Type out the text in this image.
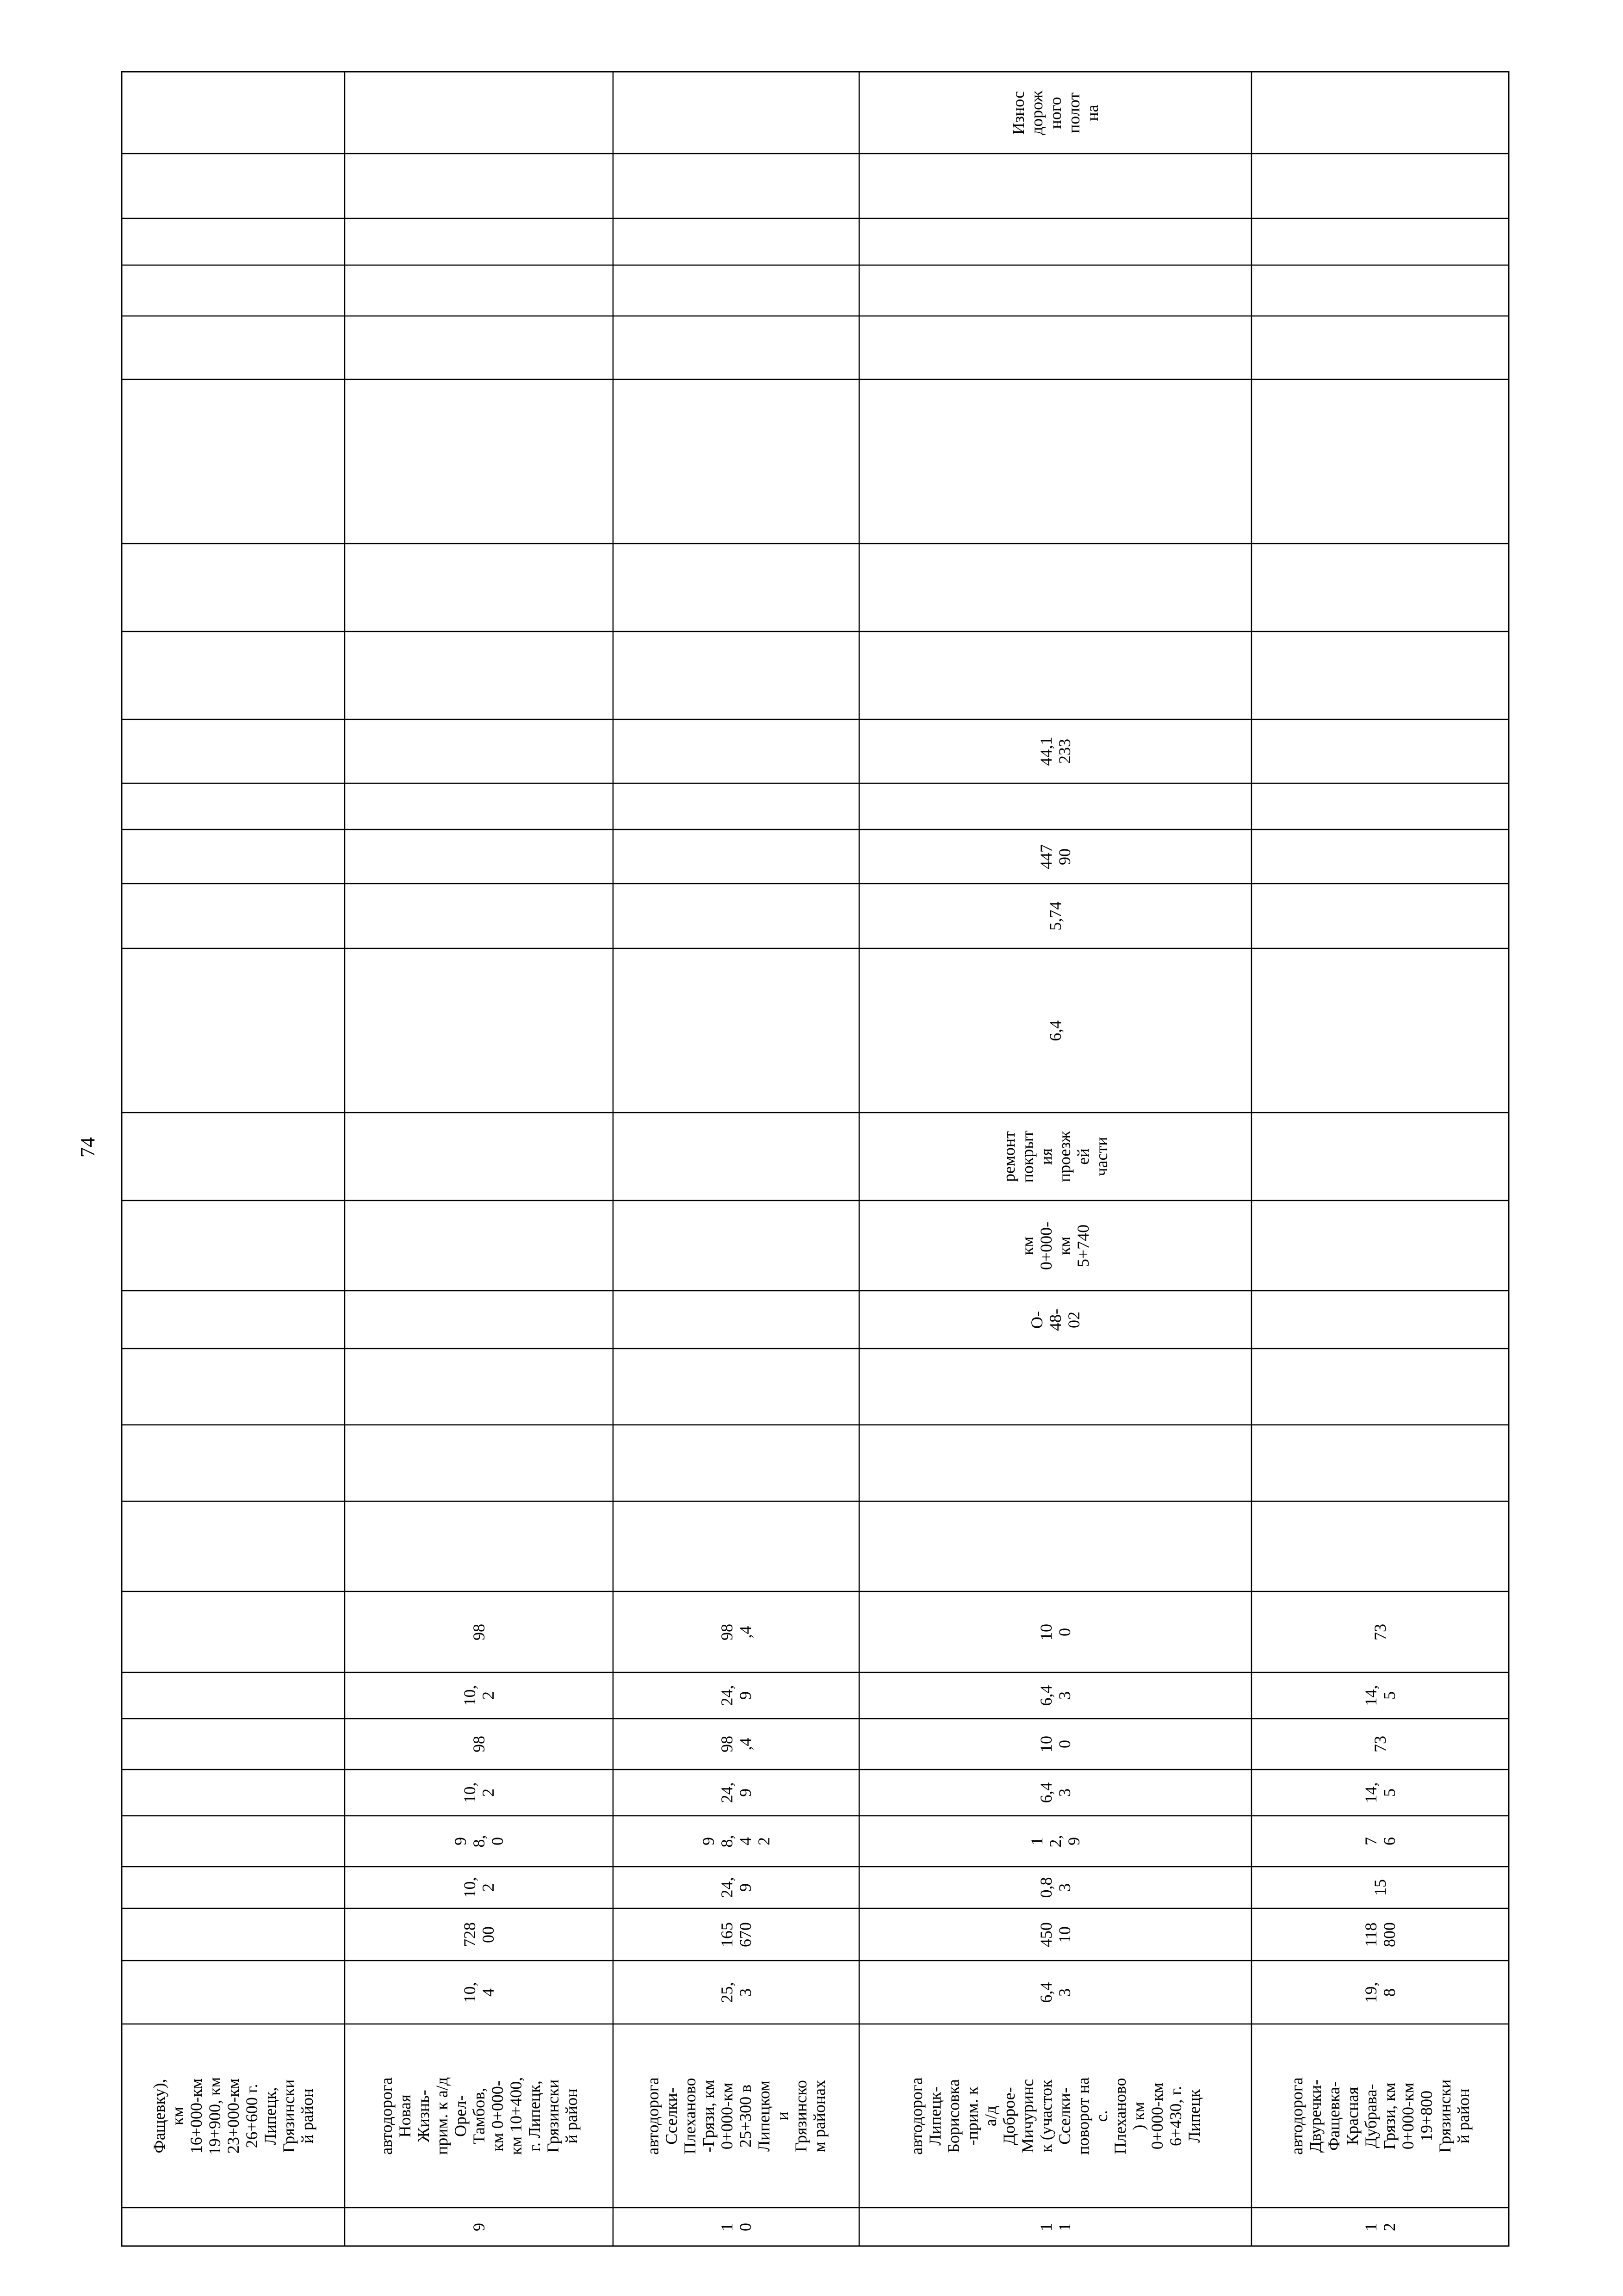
74
Фащевку),
км
16+000-км
19+900, км
23+000-км
26+600 г.
Липецк,
Грязински
й район
9
автодорога
Новая
Жизнь-
прим. к а/д
Орел-
Тамбов,
км 0+000-
км 10+400,
г. Липецк,
Грязински
й район
10,
4
728
00
10,
2
9
8,
0
10,
2
98
10,
2
98
1
0
автодорога
Сселки-
Плеханово
-Грязи, км
0+000-км
25+300 в
Липецком
и
Грязинско
м районах
25,
3
165
670
24,
9
9
8,
4
2
24,
9
98
,4
24,
9
98
,4
1
1
автодорога
Липецк-
Борисовка
-прим. к
а/д
Доброе-
Мичуринс
к (участок
Сселки-
поворот на
с.
Плеханово
) км
0+000-км
6+430, г.
Липецк
6,4
3
450
10
0,8
3
1
2,
9
6,4
3
10
0
6,4
3
10
0
О-
48-
02
км
0+000-
км
5+740
ремонт
покрыт
ия
проезж
ей
части
6,4
5,74
447
90
44,1
233
Износ
дорож
ного
полот
на
1
2
автодорога
Двуречки-
Фащевка-
Красная
Дубрава-
Грязи, км
0+000-км
19+800
Грязински
й район
19,
8
118
800
15
7
6
14,
5
73
14,
5
73
